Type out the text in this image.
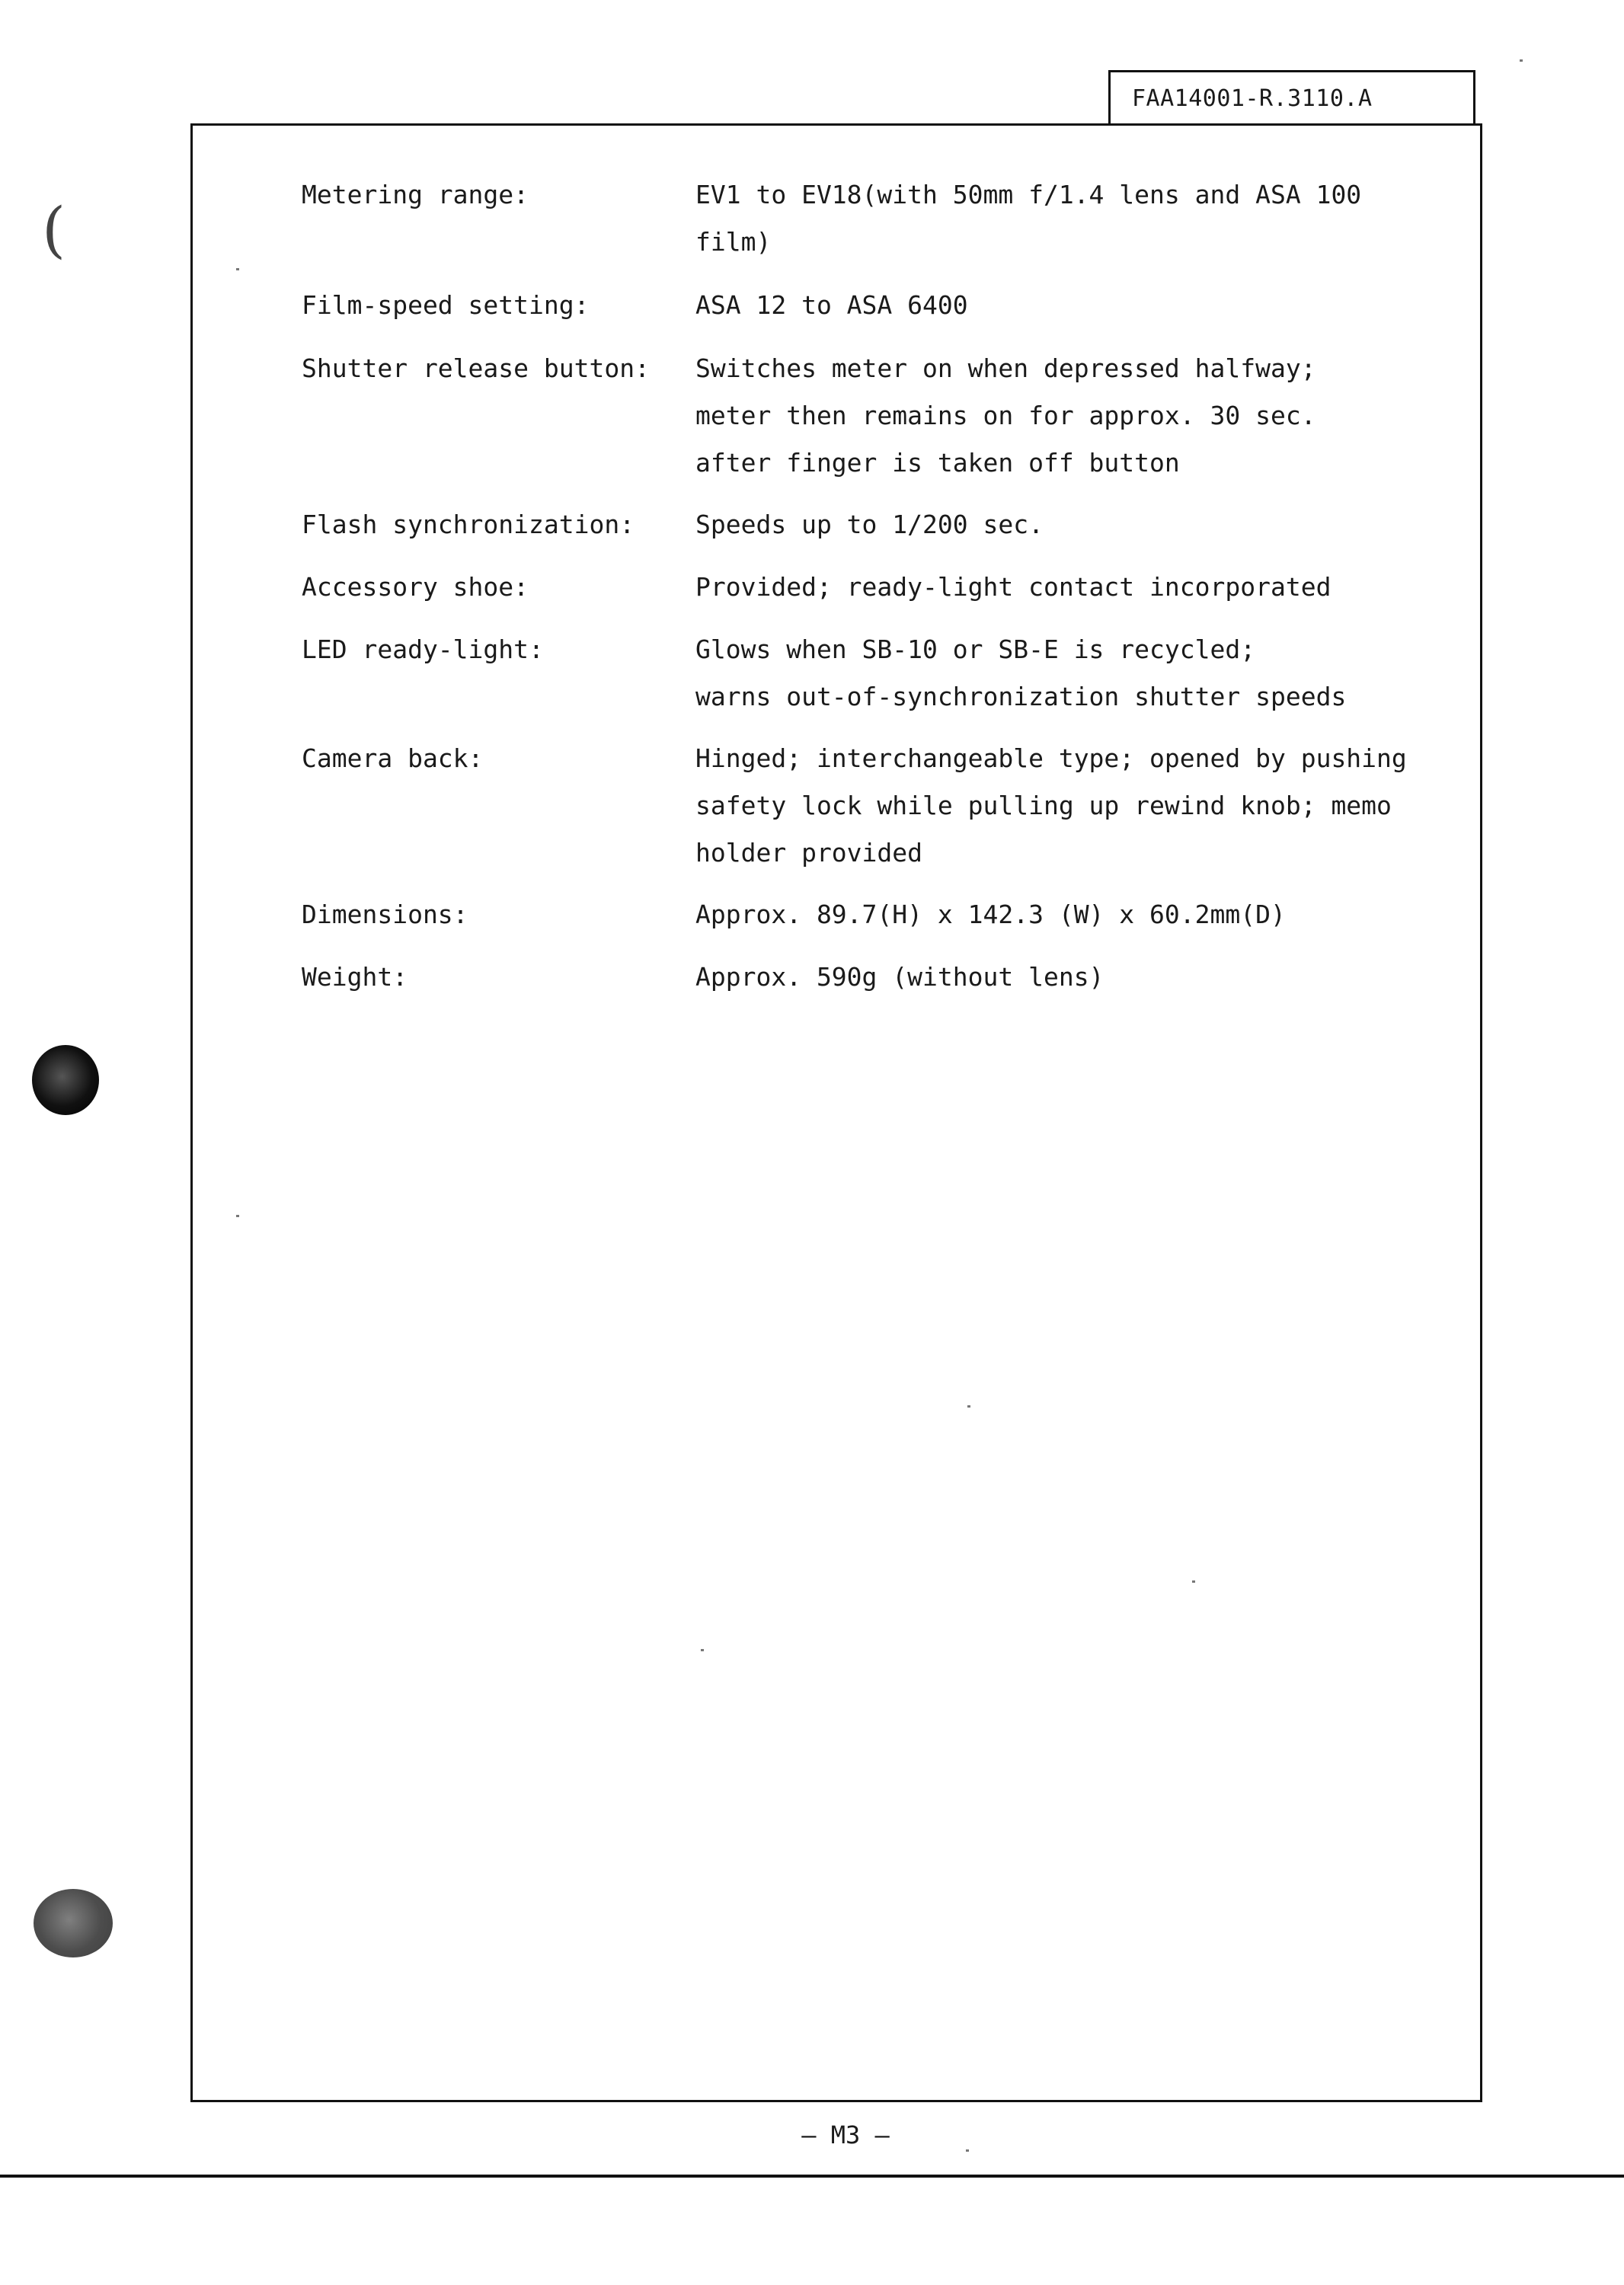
FAA14001-R.3110.A
Metering range:	EV1 to EV18(with 50mm f/1.4 lens and ASA 100
film)
Film-speed setting:	ASA 12 to ASA 6400
Shutter release button: Switches meter on when depressed halfway;
meter then remains on for approx. 30 sec.
after finger is taken off button
Flash synchronization: Speeds up to 1/200 sec.
Accessory shoe:	Provided; ready-light contact incorporated
LED ready-light:	Glows when SB-10 or SB-E is recycled;
warns out-of-synchronization shutter speeds
Camera back:	Hinged; interchangeable type; opened by pushing
safety lock while pulling up rewind knob; memo
holder provided
Dimensions:	Approx. 89.7(H) x 142.3 (W) x 60.2mm(D)
Weight:	Approx. 590g (without lens)
— M3 —
(
